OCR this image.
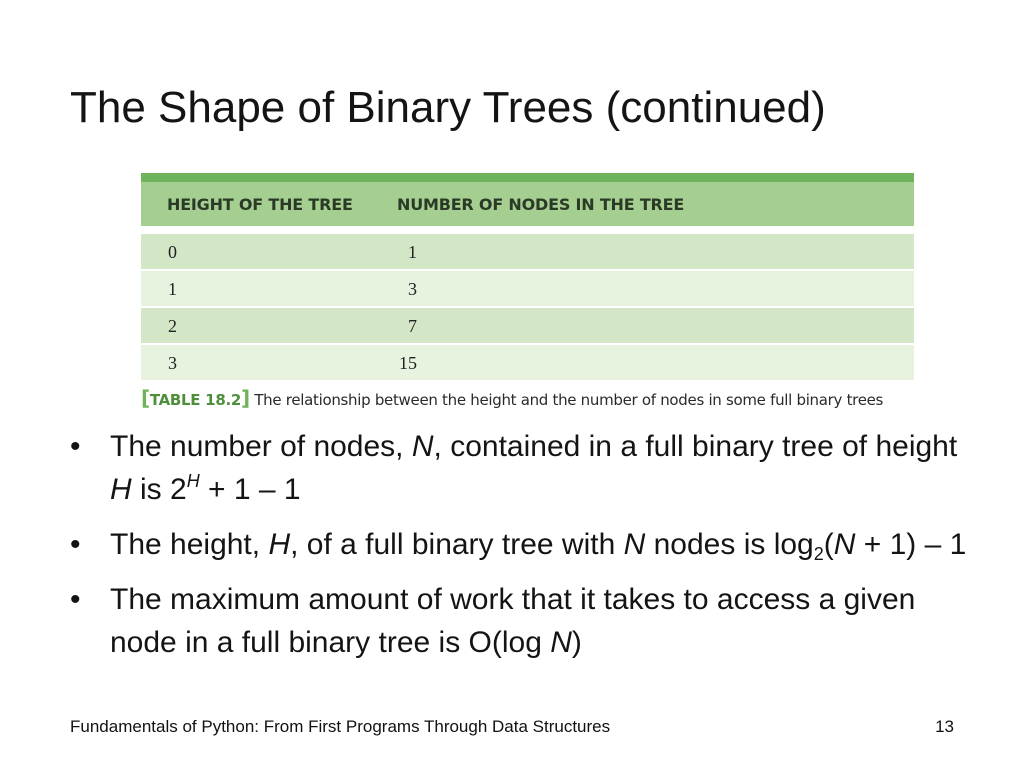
The Shape of Binary Trees (continued)
HEIGHT OF THE TREE	NUMBER OF NODES IN THE TREE
0	1
1	3
2	7
3	15
[TABLE 18.2] The relationship between the height and the number of nodes in some full binary trees
• The number of nodes, N, contained in a full binary tree of height H is $2^H + 1 - 1$
• The height, H, of a full binary tree with N nodes is $\log_2(N + 1) - 1$
• The maximum amount of work that it takes to access a given node in a full binary tree is O(log N)
Fundamentals of Python: From First Programs Through Data Structures	13
